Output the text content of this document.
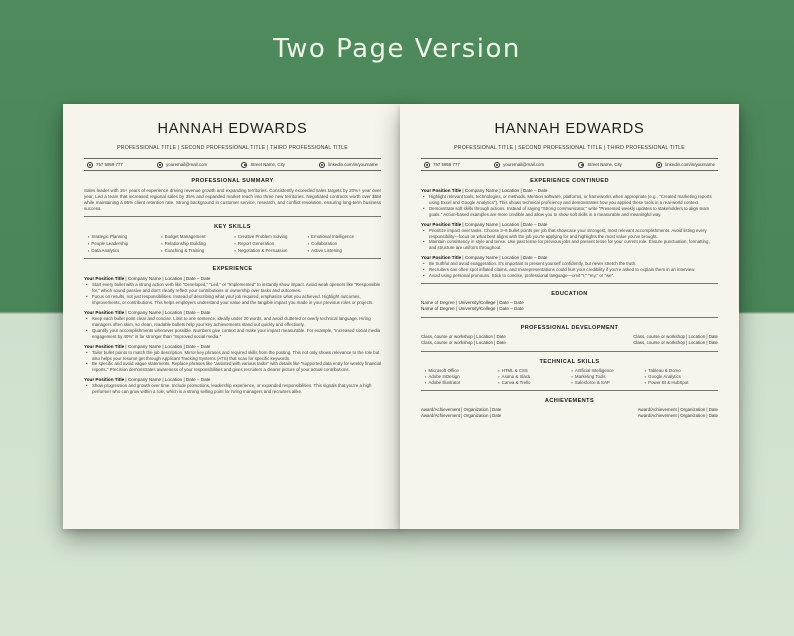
Two Page Version
HANNAH EDWARDS
PROFESSIONAL TITLE | SECOND PROFESSIONAL TITLE | THIRD PROFESSIONAL TITLE
757 5959 777	youremail@mail.com	Street Name, City	linkedin.com/in/yourname
PROFESSIONAL SUMMARY
Sales leader with 15+ years of experience driving revenue growth and expanding territories. Consistently exceeded sales targets by 20%+ year over year. Led a team that increased regional sales by 35% and expanded market reach into three new territories. Negotiated contracts worth over $5M while maintaining a 95% client retention rate. Strong background in customer service, research, and conflict resolution, ensuring long-term business success.
KEY SKILLS
▪ Strategic Planning	▪ Budget Management	▪ Creative Problem Solving	▪ Emotional Intelligence
▪ People Leadership	▪ Relationship Building	▪ Report Generation	▪ Collaboration
▪ Data Analytics	▪ Coaching & Training	▪ Negotiation & Persuasion	▪ Active Listening
EXPERIENCE
Your Position Title | Company Name | Location | Date – Date
• Start every bullet with a strong action verb like "Developed," "Led," or "Implemented" to instantly show impact. Avoid weak openers like "Responsible for," which sound passive and don't clearly reflect your contributions or ownership over tasks and outcomes.
• Focus on results, not just responsibilities. Instead of describing what your job required, emphasize what you achieved. Highlight outcomes, improvements, or contributions. This helps employers understand your value and the tangible impact you made in your previous roles or projects.
Your Position Title | Company Name | Location | Date – Date
• Keep each bullet point clear and concise. Limit to one sentence, ideally under 20 words, and avoid cluttered or overly technical language. Hiring managers often skim, so clean, readable bullets help your key achievements stand out quickly and effectively.
• Quantify your accomplishments whenever possible. Numbers give context and make your impact measurable. For example, "Increased social media engagement by 40%" is far stronger than "Improved social media."
Your Position Title | Company Name | Location | Date – Date
• Tailor bullet points to match the job description. Mirror key phrases and required skills from the posting. This not only shows relevance to the role but also helps your resume get through Applicant Tracking Systems (ATS) that scan for specific keywords.
• Be specific and avoid vague statements. Replace phrases like "assisted with various tasks" with details like "supported data entry for weekly financial reports." Precision demonstrates awareness of your responsibilities and gives recruiters a clearer picture of your actual contributions.
Your Position Title | Company Name | Location | Date – Date
• Show progression and growth over time. Include promotions, leadership experience, or expanded responsibilities. This signals that you're a high performer who can grow within a role, which is a strong selling point for hiring managers and recruiters alike.
HANNAH EDWARDS
PROFESSIONAL TITLE | SECOND PROFESSIONAL TITLE | THIRD PROFESSIONAL TITLE
757 5959 777	youremail@mail.com	Street Name, City	linkedin.com/in/yourname
EXPERIENCE CONTINUED
Your Position Title | Company Name | Location | Date – Date
• Highlight relevant tools, technologies, or methods. Mention software, platforms, or frameworks when appropriate (e.g., "Created marketing reports using Excel and Google Analytics"). This shows technical proficiency and demonstrates how you applied these tools in a real-world context.
• Demonstrate soft skills through actions. Instead of saying "Strong communicator," write "Presented weekly updates to stakeholders to align team goals." Action-based examples are more credible and allow you to show soft skills in a measurable and meaningful way.
Your Position Title | Company Name | Location | Date – Date
• Prioritize impact over tasks. Choose 3–6 bullet points per job that showcase your strongest, most relevant accomplishments. Avoid listing every responsibility—focus on what best aligns with the job you're applying for and highlights the most value you've brought.
• Maintain consistency in style and tense. Use past tense for previous jobs and present tense for your current role. Ensure punctuation, formatting, and structure are uniform throughout.
Your Position Title | Company Name | Location | Date – Date
• Be truthful and avoid exaggeration. It's important to present yourself confidently, but never stretch the truth.
• Recruiters can often spot inflated claims, and misrepresentations could hurt your credibility if you're asked to explain them in an interview.
• Avoid using personal pronouns. Stick to concise, professional language—omit "I," "my," or "we".
EDUCATION
Name of Degree | University/College | Date – Date
Name of Degree | University/College | Date – Date
PROFESSIONAL DEVELOPMENT
Class, course or workshop | Location | Date	Class, course or workshop | Location | Date
Class, course or workshop | Location | Date	Class, course or workshop | Location | Date
TECHNICAL SKILLS
▪ Microsoft Office	▪ HTML & CSS	▪ Artificial Intelligence	▪ Tableau & Domo
▪ Adobe InDesign	▪ Asana & Slack	▪ Marketing Tools	▪ Google Analytics
▪ Adobe Illustrator	▪ Canva & Trello	▪ Salesforce & SAP	▪ Power BI & HubSpot
ACHIEVEMENTS
Award/Achievement | Organization | Date	Award/Achievement | Organization | Date
Award/Achievement | Organization | Date	Award/Achievement | Organization | Date
